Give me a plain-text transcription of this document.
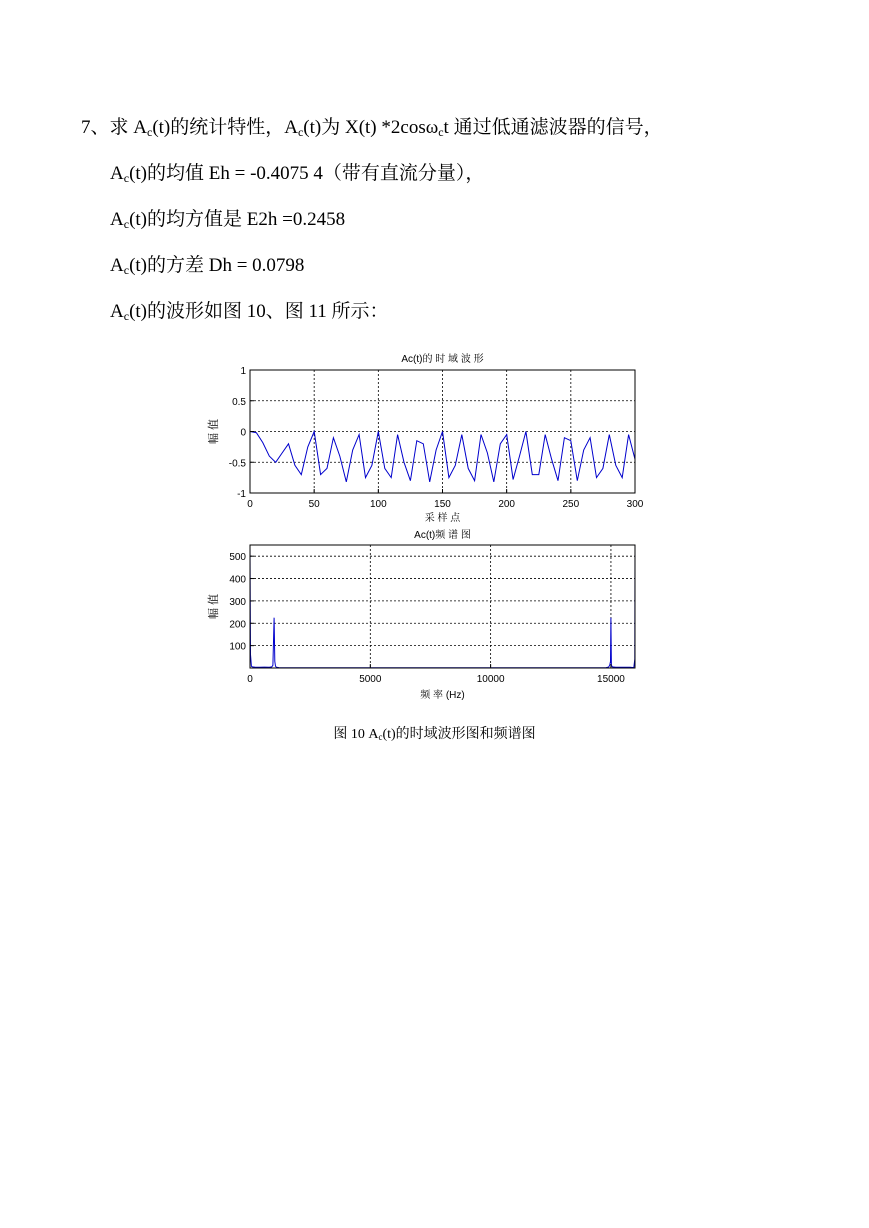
7、求 $A_c(t)$的统计特性，$A_c(t)$为 X(t) *2cosω$_c$t 通过低通滤波器的信号，
$A_c(t)$的均值 Eh = -0.4075 4（带有直流分量），
$A_c(t)$的均方值是 E2h =0.2458
$A_c(t)$的方差 Dh = 0.0798
$A_c(t)$的波形如图 10、图 11 所示：
0	50	100	150	200	250	300
1
0.5
0
-0.5
-1
Ac(t)的 时 域 波 形
采 样 点
幅 值
0	5000	10000	15000
500
400
300
200
100
Ac(t)频 谱 图
频 率 (Hz)
幅 值
图 10 $A_c(t)$的时域波形图和频谱图
